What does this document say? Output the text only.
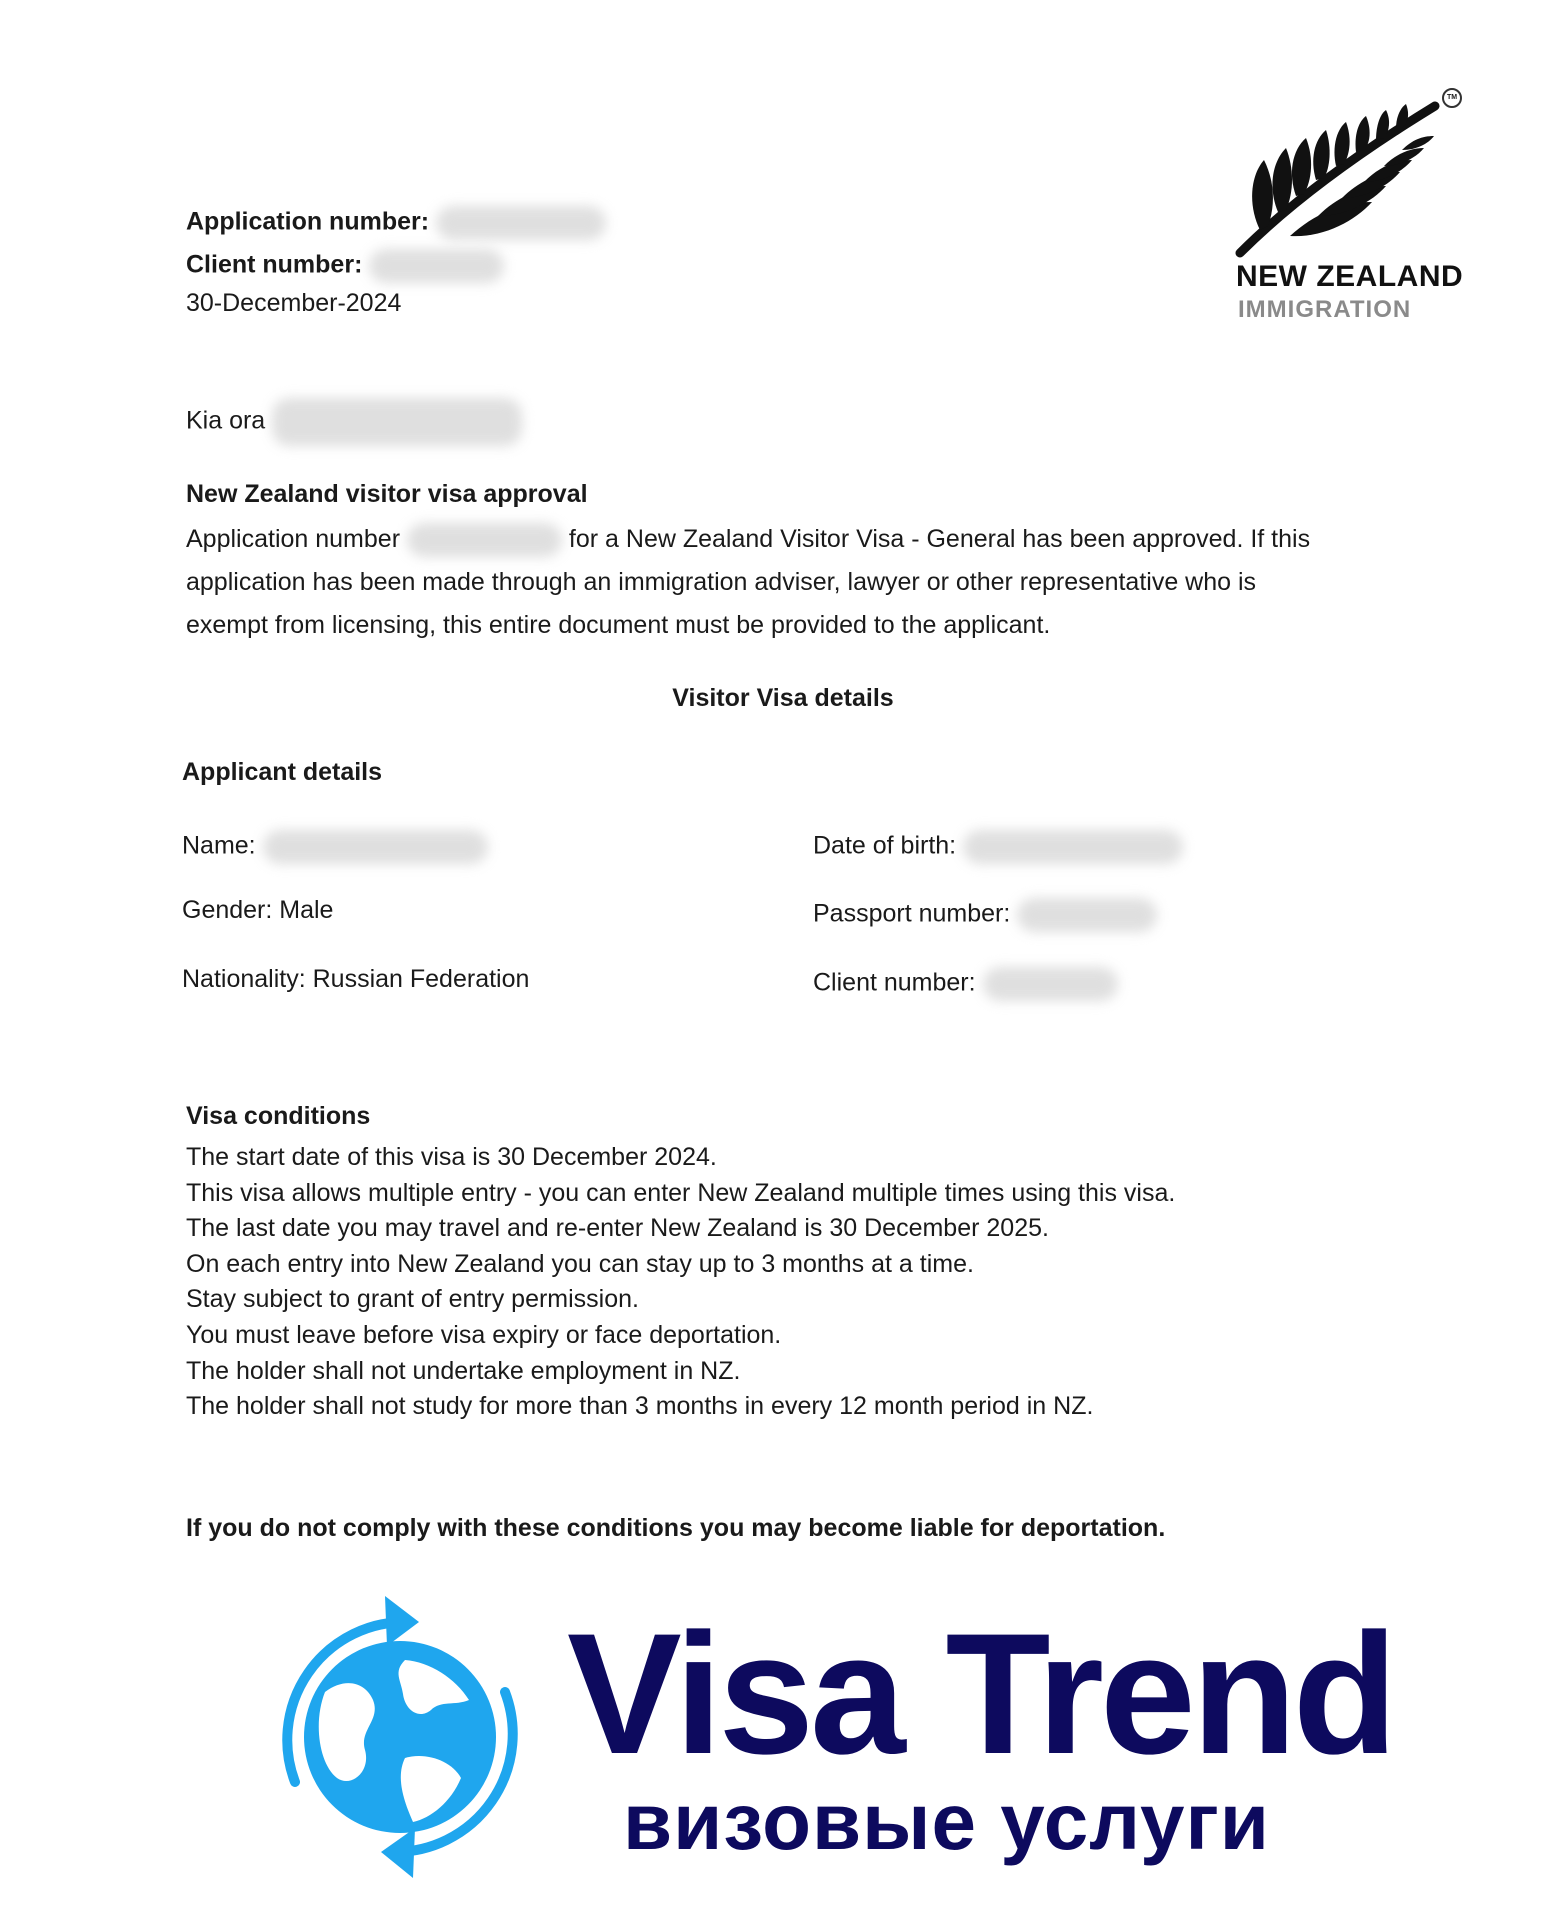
TM
NEW ZEALAND
IMMIGRATION
Application number:
Client number:
30-December-2024
Kia ora
New Zealand visitor visa approval
Application number	for a New Zealand Visitor Visa - General has been approved. If this
application has been made through an immigration adviser, lawyer or other representative who is
exempt from licensing, this entire document must be provided to the applicant.
Visitor Visa details
Applicant details
Name:
Gender: Male
Nationality: Russian Federation
Date of birth:
Passport number:
Client number:
Visa conditions
The start date of this visa is 30 December 2024.
This visa allows multiple entry - you can enter New Zealand multiple times using this visa.
The last date you may travel and re-enter New Zealand is 30 December 2025.
On each entry into New Zealand you can stay up to 3 months at a time.
Stay subject to grant of entry permission.
You must leave before visa expiry or face deportation.
The holder shall not undertake employment in NZ.
The holder shall not study for more than 3 months in every 12 month period in NZ.
If you do not comply with these conditions you may become liable for deportation.
Visa Trend
визовые услуги
